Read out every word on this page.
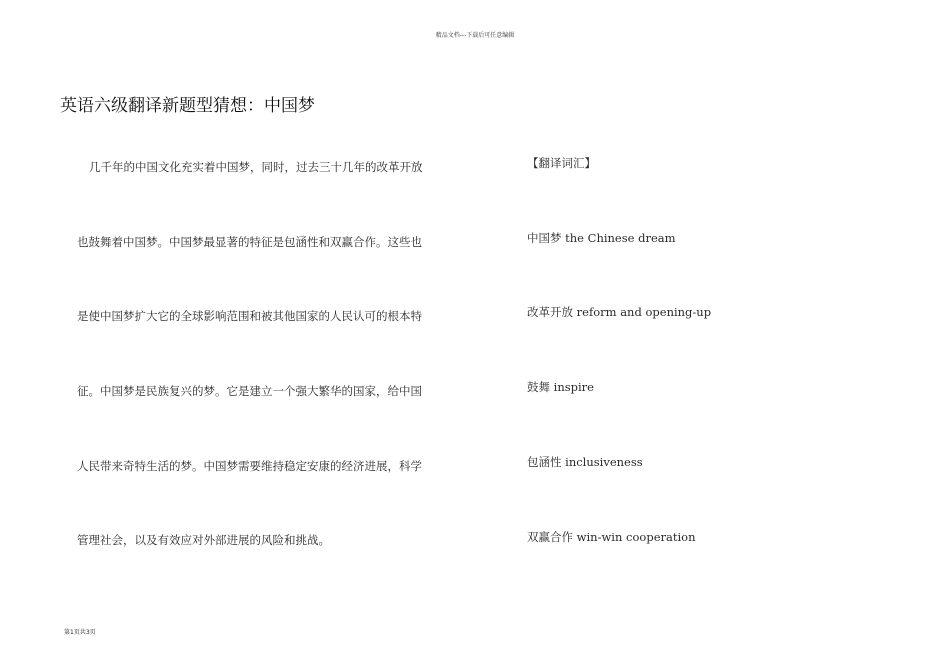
精品文档---下载后可任意编辑
英语六级翻译新题型猜想：中国梦
几千年的中国文化充实着中国梦，同时，过去三十几年的改革开放
也鼓舞着中国梦。中国梦最显著的特征是包涵性和双赢合作。这些也
是使中国梦扩大它的全球影响范围和被其他国家的人民认可的根本特
征。中国梦是民族复兴的梦。它是建立一个强大繁华的国家，给中国
人民带来奇特生活的梦。中国梦需要维持稳定安康的经济进展，科学
管理社会，以及有效应对外部进展的风险和挑战。
【翻译词汇】
中国梦 the Chinese dream
改革开放 reform and opening-up
鼓舞 inspire
包涵性 inclusiveness
双赢合作 win-win cooperation
第1页共3页
